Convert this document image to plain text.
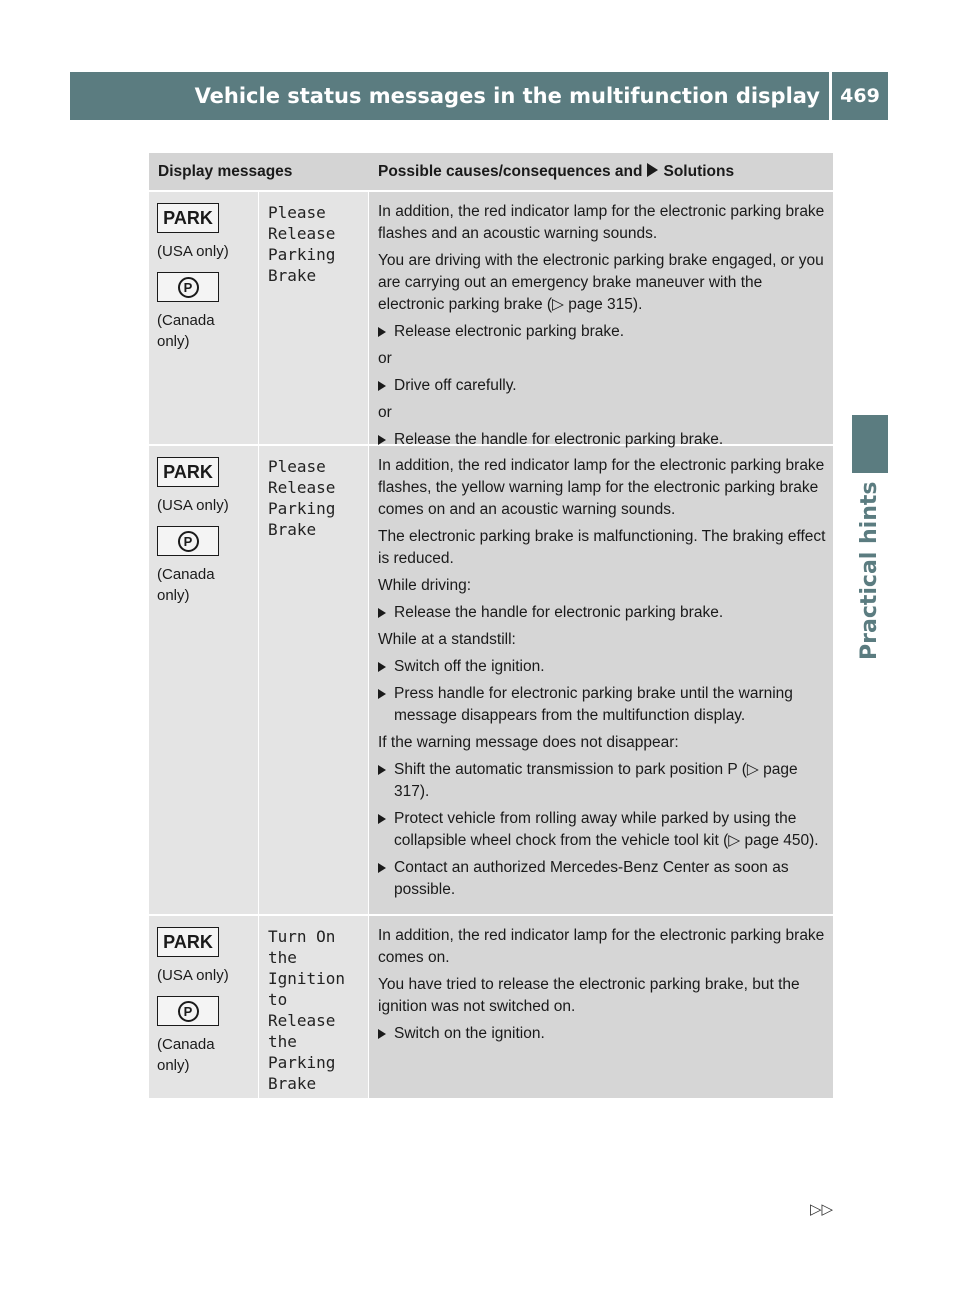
Vehicle status messages in the multifunction display	469
Practical hints
Display messages	Possible causes/consequences and Solutions
PARK
(USA only)
P
(Canada only)
Please
Release
Parking
Brake

In addition, the red indicator lamp for the electronic parking brake flashes and an acoustic warning sounds.

You are driving with the electronic parking brake engaged, or you are carrying out an emergency brake maneuver with the electronic parking brake (▷ page 315).

Release electronic parking brake.

or

Drive off carefully.

or

Release the handle for electronic parking brake.
PARK
(USA only)
P
(Canada only)
Please
Release
Parking
Brake

In addition, the red indicator lamp for the electronic parking brake flashes, the yellow warning lamp for the electronic parking brake comes on and an acoustic warning sounds.

The electronic parking brake is malfunctioning. The braking effect is reduced.

While driving:

Release the handle for electronic parking brake.

While at a standstill:

Switch off the ignition.
Press handle for electronic parking brake until the warning message disappears from the multifunction display.

If the warning message does not disappear:

Shift the automatic transmission to park position P (▷ page 317).
Protect vehicle from rolling away while parked by using the collapsible wheel chock from the vehicle tool kit (▷ page 450).
Contact an authorized Mercedes-Benz Center as soon as possible.
PARK
(USA only)
P
(Canada only)
Turn On
the
Ignition
to
Release
the
Parking
Brake

In addition, the red indicator lamp for the electronic parking brake comes on.

You have tried to release the electronic parking brake, but the ignition was not switched on.

Switch on the ignition.
▷▷
